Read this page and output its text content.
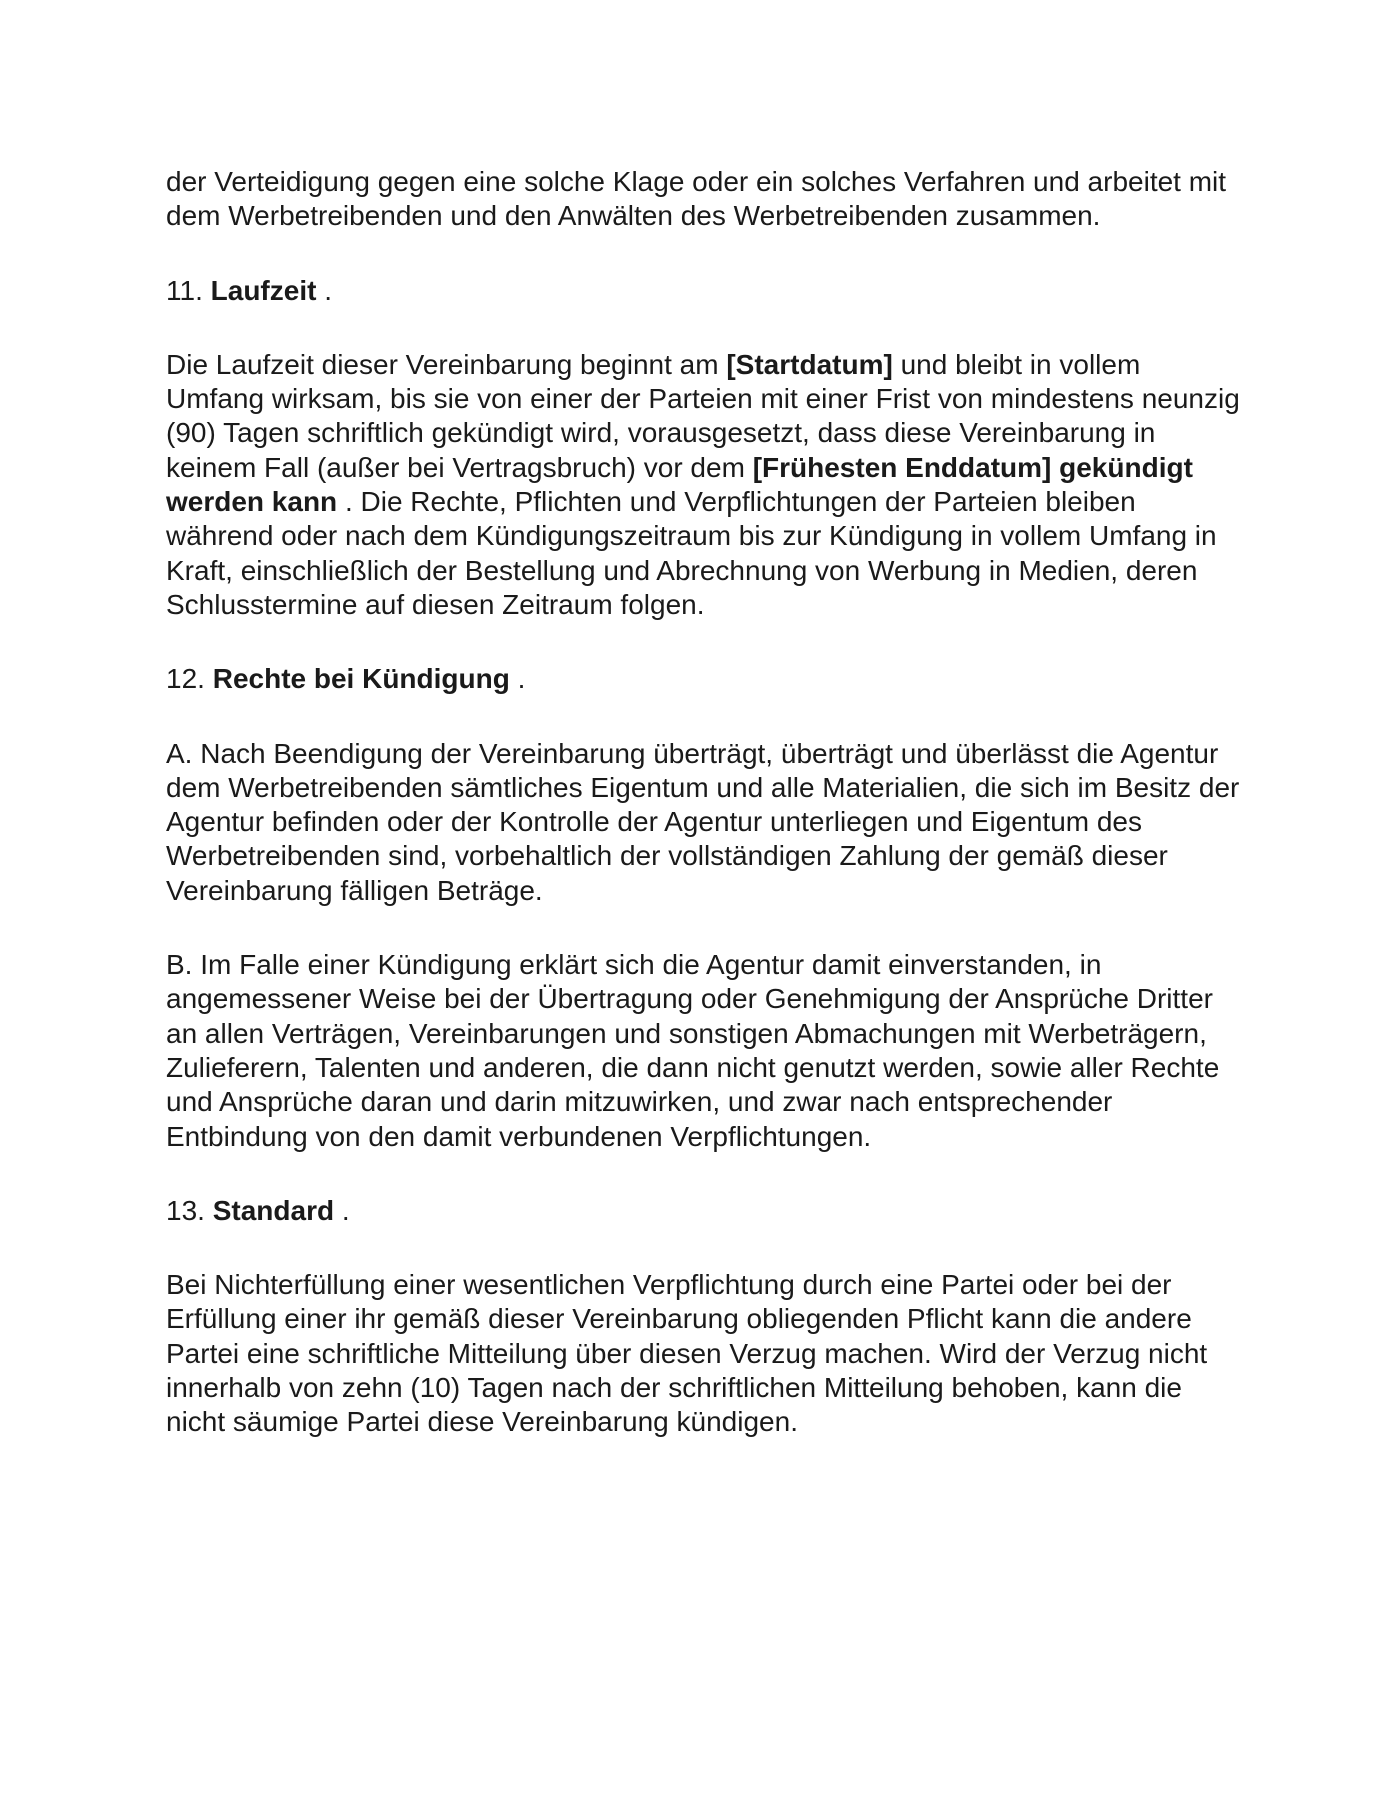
der Verteidigung gegen eine solche Klage oder ein solches Verfahren und arbeitet mit dem Werbetreibenden und den Anwälten des Werbetreibenden zusammen.

11. Laufzeit .

Die Laufzeit dieser Vereinbarung beginnt am [Startdatum] und bleibt in vollem Umfang wirksam, bis sie von einer der Parteien mit einer Frist von mindestens neunzig (90) Tagen schriftlich gekündigt wird, vorausgesetzt, dass diese Vereinbarung in keinem Fall (außer bei Vertragsbruch) vor dem [Frühesten Enddatum] gekündigt werden kann . Die Rechte, Pflichten und Verpflichtungen der Parteien bleiben während oder nach dem Kündigungszeitraum bis zur Kündigung in vollem Umfang in Kraft, einschließlich der Bestellung und Abrechnung von Werbung in Medien, deren Schlusstermine auf diesen Zeitraum folgen.

12. Rechte bei Kündigung .

A. Nach Beendigung der Vereinbarung überträgt, überträgt und überlässt die Agentur dem Werbetreibenden sämtliches Eigentum und alle Materialien, die sich im Besitz der Agentur befinden oder der Kontrolle der Agentur unterliegen und Eigentum des Werbetreibenden sind, vorbehaltlich der vollständigen Zahlung der gemäß dieser Vereinbarung fälligen Beträge.

B. Im Falle einer Kündigung erklärt sich die Agentur damit einverstanden, in angemessener Weise bei der Übertragung oder Genehmigung der Ansprüche Dritter an allen Verträgen, Vereinbarungen und sonstigen Abmachungen mit Werbeträgern, Zulieferern, Talenten und anderen, die dann nicht genutzt werden, sowie aller Rechte und Ansprüche daran und darin mitzuwirken, und zwar nach entsprechender Entbindung von den damit verbundenen Verpflichtungen.

13. Standard .

Bei Nichterfüllung einer wesentlichen Verpflichtung durch eine Partei oder bei der Erfüllung einer ihr gemäß dieser Vereinbarung obliegenden Pflicht kann die andere Partei eine schriftliche Mitteilung über diesen Verzug machen. Wird der Verzug nicht innerhalb von zehn (10) Tagen nach der schriftlichen Mitteilung behoben, kann die nicht säumige Partei diese Vereinbarung kündigen.
